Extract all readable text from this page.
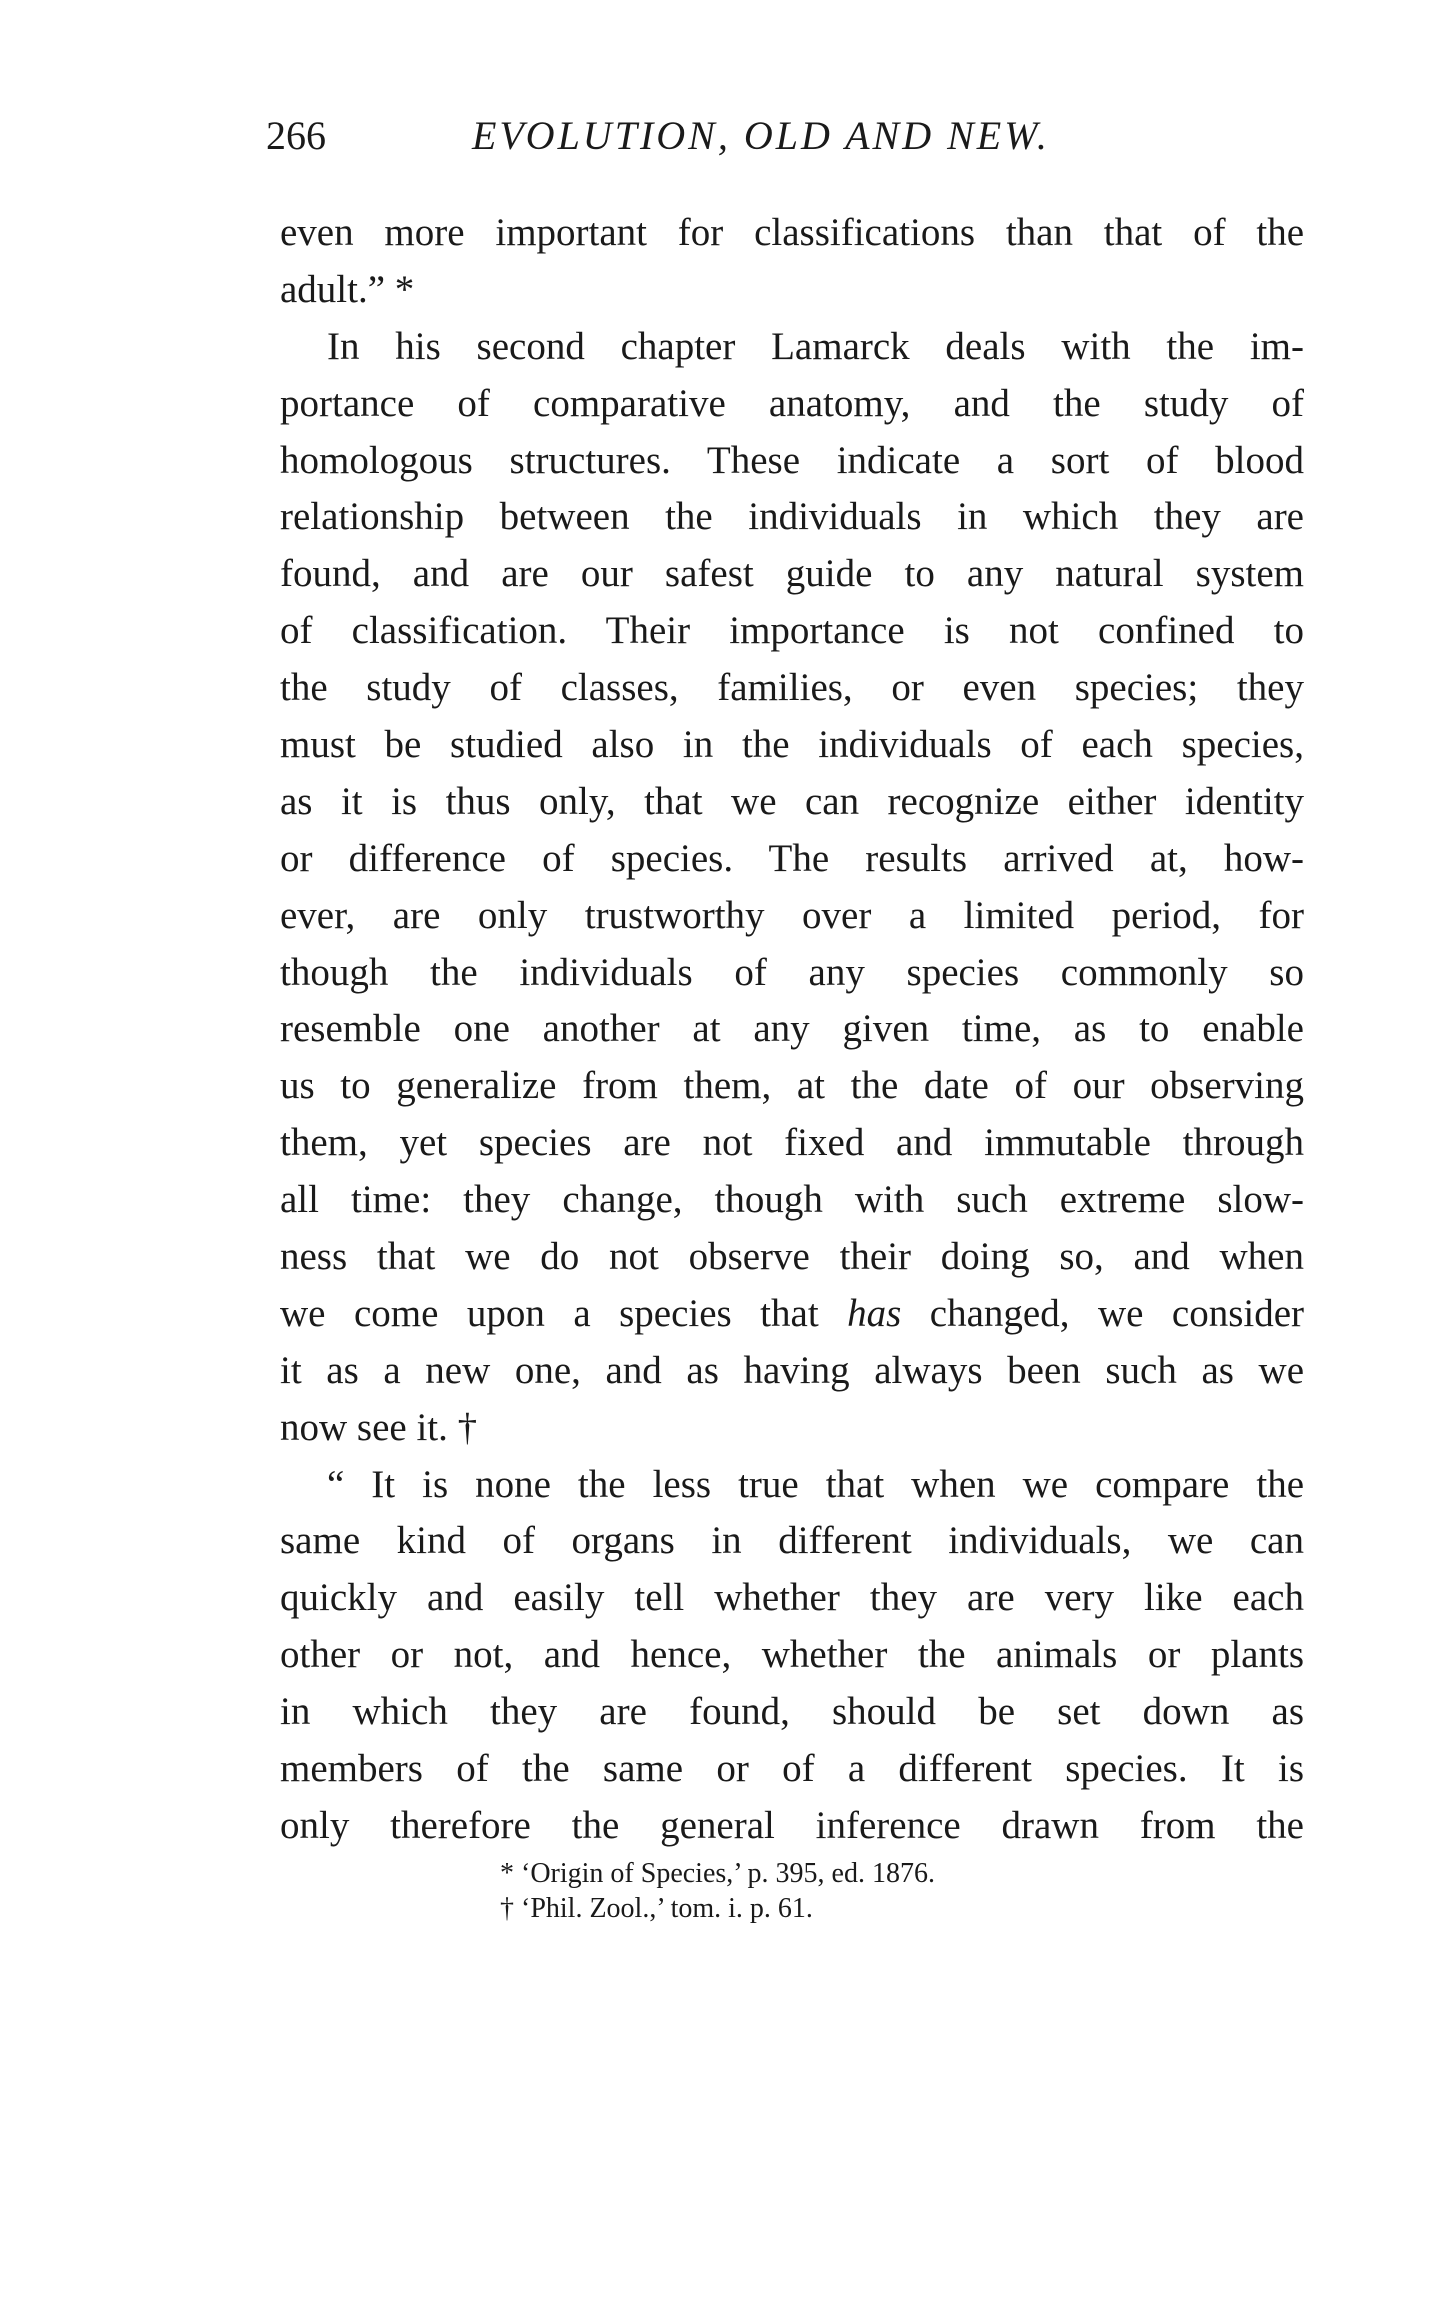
266	EVOLUTION, OLD AND NEW.
even more important for classifications than that of the
adult.” *
In his second chapter Lamarck deals with the im-
portance of comparative anatomy, and the study of
homologous structures. These indicate a sort of blood
relationship between the individuals in which they are
found, and are our safest guide to any natural system
of classification. Their importance is not confined to
the study of classes, families, or even species; they
must be studied also in the individuals of each species,
as it is thus only, that we can recognize either identity
or difference of species. The results arrived at, how-
ever, are only trustworthy over a limited period, for
though the individuals of any species commonly so
resemble one another at any given time, as to enable
us to generalize from them, at the date of our observing
them, yet species are not fixed and immutable through
all time: they change, though with such extreme slow-
ness that we do not observe their doing so, and when
we come upon a species that has changed, we consider
it as a new one, and as having always been such as we
now see it. †
“ It is none the less true that when we compare the
same kind of organs in different individuals, we can
quickly and easily tell whether they are very like each
other or not, and hence, whether the animals or plants
in which they are found, should be set down as
members of the same or of a different species. It is
only therefore the general inference drawn from the
* ‘Origin of Species,’ p. 395, ed. 1876.
† ‘Phil. Zool.,’ tom. i. p. 61.
